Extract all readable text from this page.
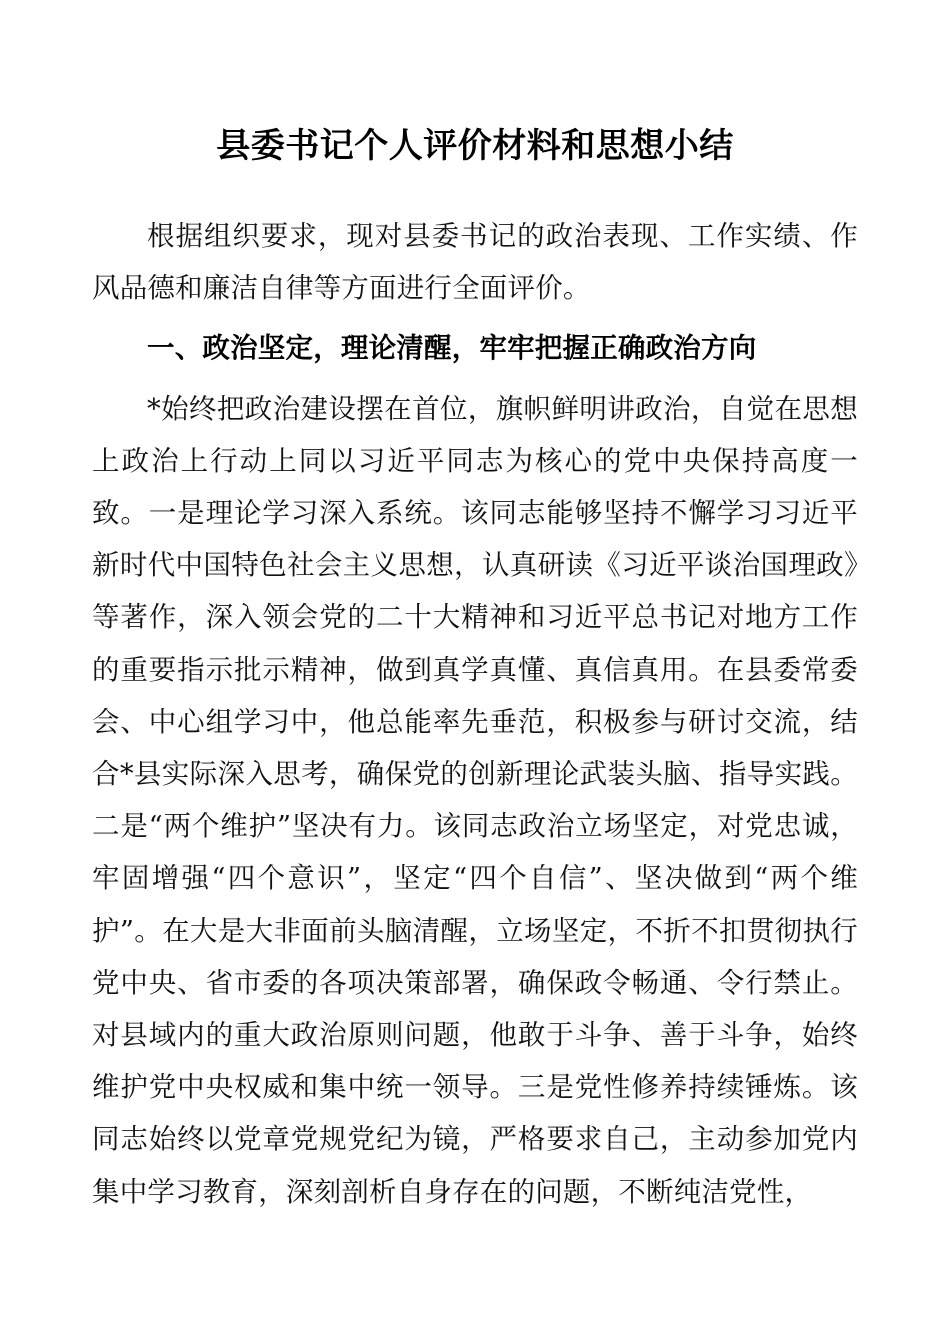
县委书记个人评价材料和思想小结

根据组织要求，现对县委书记的政治表现、工作实绩、作风品德和廉洁自律等方面进行全面评价。

一、政治坚定，理论清醒，牢牢把握正确政治方向

*始终把政治建设摆在首位，旗帜鲜明讲政治，自觉在思想上政治上行动上同以习近平同志为核心的党中央保持高度一致。一是理论学习深入系统。该同志能够坚持不懈学习习近平新时代中国特色社会主义思想，认真研读《习近平谈治国理政》等著作，深入领会党的二十大精神和习近平总书记对地方工作的重要指示批示精神，做到真学真懂、真信真用。在县委常委会、中心组学习中，他总能率先垂范，积极参与研讨交流，结合*县实际深入思考，确保党的创新理论武装头脑、指导实践。二是“两个维护”坚决有力。该同志政治立场坚定，对党忠诚，牢固增强“四个意识”，坚定“四个自信”、坚决做到“两个维护”。在大是大非面前头脑清醒，立场坚定，不折不扣贯彻执行党中央、省市委的各项决策部署，确保政令畅通、令行禁止。对县域内的重大政治原则问题，他敢于斗争、善于斗争，始终维护党中央权威和集中统一领导。三是党性修养持续锤炼。该同志始终以党章党规党纪为镜，严格要求自己，主动参加党内集中学习教育，深刻剖析自身存在的问题，不断纯洁党性，
